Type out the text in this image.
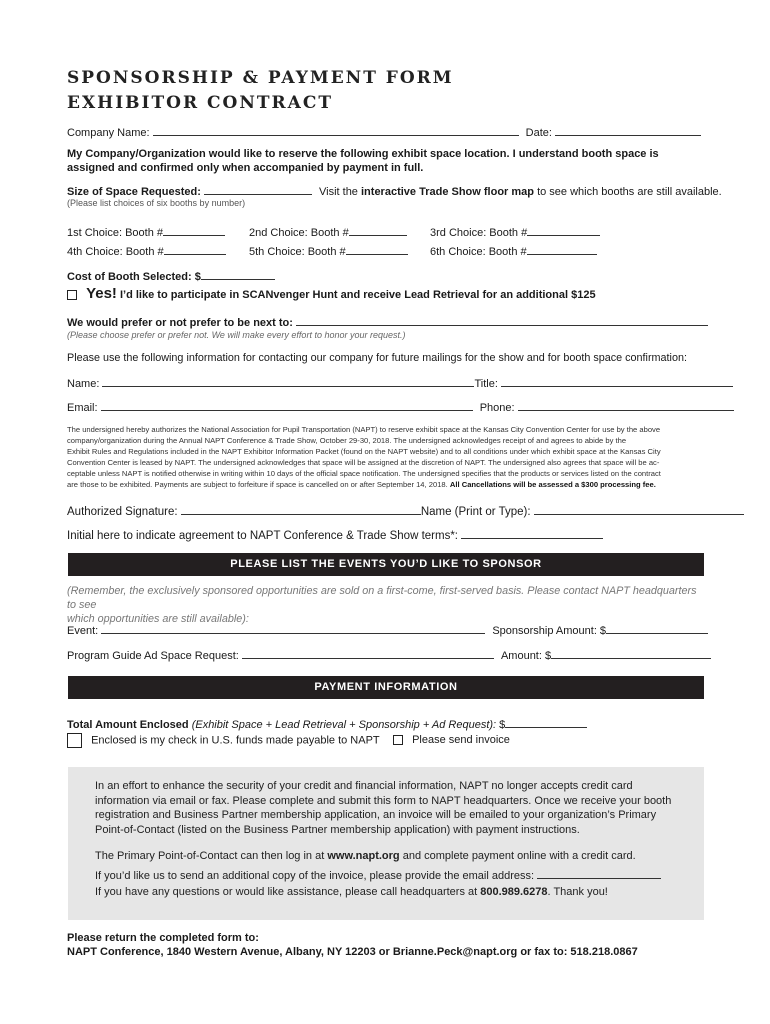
SPONSORSHIP & PAYMENT FORM
EXHIBITOR CONTRACT
Company Name:	Date:
My Company/Organization would like to reserve the following exhibit space location. I understand booth space is assigned and confirmed only when accompanied by payment in full.
Size of Space Requested:	Visit the interactive Trade Show floor map to see which booths are still available.
(Please list choices of six booths by number)
1st Choice: Booth #	2nd Choice: Booth #	3rd Choice: Booth #
4th Choice: Booth #	5th Choice: Booth #	6th Choice: Booth #
Cost of Booth Selected: $
Yes! I’d like to participate in SCANvenger Hunt and receive Lead Retrieval for an additional $125
We would prefer or not prefer to be next to:
(Please choose prefer or prefer not. We will make every effort to honor your request.)
Please use the following information for contacting our company for future mailings for the show and for booth space confirmation:
Name:	Title:
Email:	Phone:
The undersigned hereby authorizes the National Association for Pupil Transportation (NAPT) to reserve exhibit space at the Kansas City Convention Center for use by the above
company/organization during the Annual NAPT Conference & Trade Show, October 29-30, 2018. The undersigned acknowledges receipt of and agrees to abide by the
Exhibit Rules and Regulations included in the NAPT Exhibitor Information Packet (found on the NAPT website) and to all conditions under which exhibit space at the Kansas City
Convention Center is leased by NAPT. The undersigned acknowledges that space will be assigned at the discretion of NAPT. The undersigned also agrees that space will be ac-
ceptable unless NAPT is notified otherwise in writing within 10 days of the official space notification. The undersigned specifies that the products or services listed on the contract
are those to be exhibited. Payments are subject to forfeiture if space is cancelled on or after September 14, 2018. All Cancellations will be assessed a $300 processing fee.
Authorized Signature:	Name (Print or Type):
Initial here to indicate agreement to NAPT Conference & Trade Show terms*:
PLEASE LIST THE EVENTS YOU’D LIKE TO SPONSOR
(Remember, the exclusively sponsored opportunities are sold on a first-come, first-served basis. Please contact NAPT headquarters to see
which opportunities are still available):
Event:	Sponsorship Amount: $
Program Guide Ad Space Request:	Amount: $
PAYMENT INFORMATION
Total Amount Enclosed (Exhibit Space + Lead Retrieval + Sponsorship + Ad Request): $
Enclosed is my check in U.S. funds made payable to NAPT	Please send invoice

In an effort to enhance the security of your credit and financial information, NAPT no longer accepts credit card
information via email or fax. Please complete and submit this form to NAPT headquarters. Once we receive your booth
registration and Business Partner membership application, an invoice will be emailed to your organization’s Primary
Point-of-Contact (listed on the Business Partner membership application) with payment instructions.

The Primary Point-of-Contact can then log in at www.napt.org and complete payment online with a credit card.

If you’d like us to send an additional copy of the invoice, please provide the email address:

If you have any questions or would like assistance, please call headquarters at 800.989.6278. Thank you!

Please return the completed form to:
NAPT Conference, 1840 Western Avenue, Albany, NY 12203 or Brianne.Peck@napt.org or fax to: 518.218.0867
